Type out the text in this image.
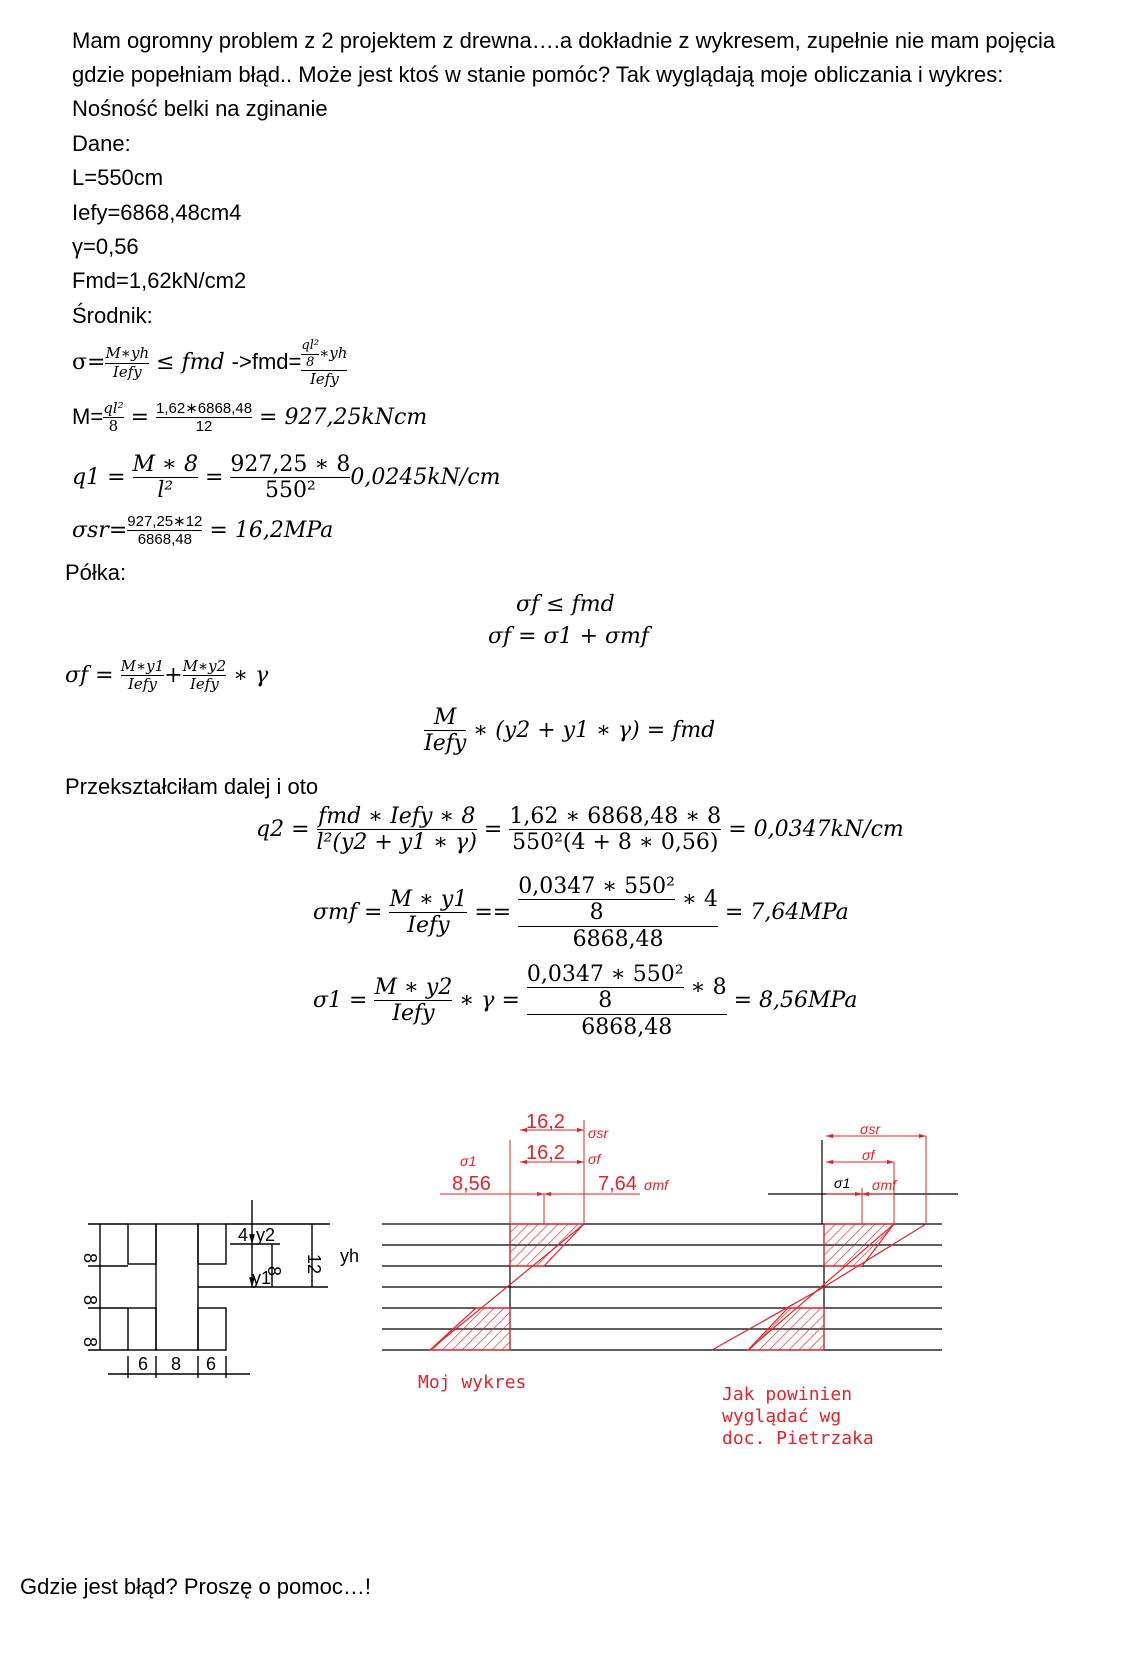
Mam ogromny problem z 2 projektem z drewna….a dokładnie z wykresem, zupełnie nie mam pojęcia
gdzie popełniam błąd.. Może jest ktoś w stanie pomóc? Tak wyglądają moje obliczania i wykres:
Nośność belki na zginanie
Dane:
L=550cm
Iefy=6868,48cm4
γ=0,56
Fmd=1,62kN/cm2
Środnik:
$\sigma= \frac{M∗yh}{\text{Iefy}}$ ≤ fmd $->fmd= \frac{\frac{\text{ql²}}{8} ∗yh}{\text{Iefy}}$
$M= \frac{\text{ql²}}{8} = \frac{1,62∗6868,48}{12}$ = 927,25kNcm
$q1 = \frac{M ∗ 8}{\text{l²}} = \frac{927,25 ∗ 8}{\text{550²}} 0,0245kN/cm$
$\sigma sr= \frac{927,25∗12}{6868,48} = 16,2MPa$
Półka:
σf ≤ fmd
σf = σ1 + σmf
$\sigma f = \frac{M∗y1}{\text{Iefy}} + \frac{M∗y2}{\text{Iefy}}$ ∗ γ
$\frac{M}{\text{Iefy}}$ ∗ (y2 + y1 ∗ γ) = fmd
Przekształciłam dalej i oto
$q2 = \frac{\text{fmd ∗ Iefy ∗ 8}}{\text{l²(y2 + y1 ∗ γ)}} = \frac{1,62 ∗ 6868,48 ∗ 8}{\text{550²(4 + 8 ∗ 0,56)}} = 0,0347kN/cm$
$\sigma mf = \frac{M ∗ y1}{\text{Iefy}} == \frac{\frac{\text{0,0347 ∗ 550²}}{8} ∗ 4}{6868,48} = 7,64MPa$
$\sigma 1 = \frac{M ∗ y2}{\text{Iefy}}$ ∗ $\gamma = \frac{\frac{\text{0,0347 ∗ 550²}}{8} ∗ 8}{6868,48} = 8,56MPa$
8
8
8
6 8 6
4 y2
8
y1
12 yh
16,2 σsr
16,2 σf
σ1
8,56	7,64 σmf
σsr
σf
σ1 σmf
Moj wykres
Jak powinien
wyglądać wg
doc. Pietrzaka
Gdzie jest błąd? Proszę o pomoc…!
